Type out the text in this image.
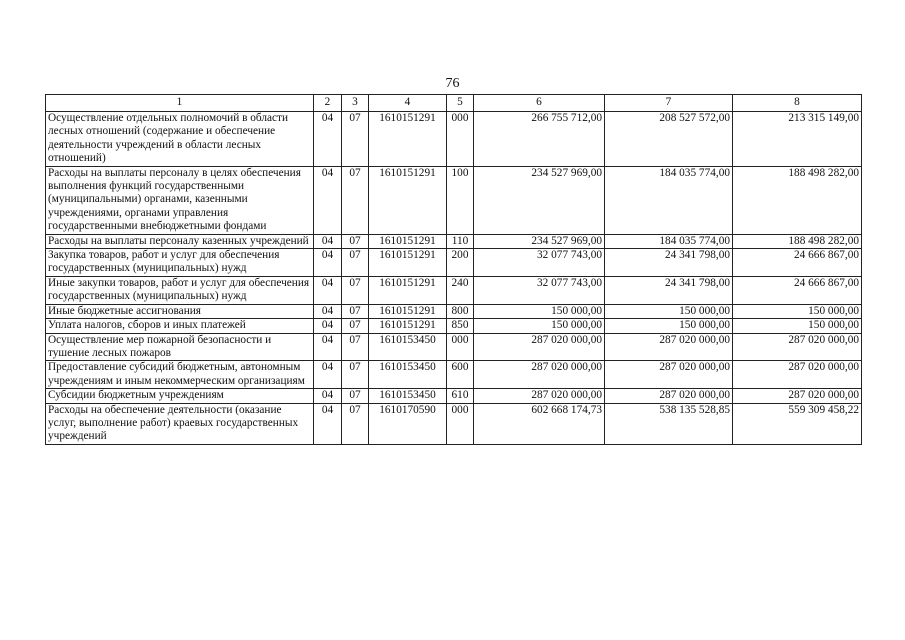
76
1	2	3	4	5	6	7	8
Осуществление отдельных полномочий в области лесных отношений (содержание и обеспечение деятельности учреждений в области лесных отношений)	04	07	1610151291	000	266 755 712,00	208 527 572,00	213 315 149,00
Расходы на выплаты персоналу в целях обеспечения выполнения функций государственными (муниципальными) органами, казенными учреждениями, органами управления государственными внебюджетными фондами	04	07	1610151291	100	234 527 969,00	184 035 774,00	188 498 282,00
Расходы на выплаты персоналу казенных учреждений	04	07	1610151291	110	234 527 969,00	184 035 774,00	188 498 282,00
Закупка товаров, работ и услуг для обеспечения государственных (муниципальных) нужд	04	07	1610151291	200	32 077 743,00	24 341 798,00	24 666 867,00
Иные закупки товаров, работ и услуг для обеспечения государственных (муниципальных) нужд	04	07	1610151291	240	32 077 743,00	24 341 798,00	24 666 867,00
Иные бюджетные ассигнования	04	07	1610151291	800	150 000,00	150 000,00	150 000,00
Уплата налогов, сборов и иных платежей	04	07	1610151291	850	150 000,00	150 000,00	150 000,00
Осуществление мер пожарной безопасности и тушение лесных пожаров	04	07	1610153450	000	287 020 000,00	287 020 000,00	287 020 000,00
Предоставление субсидий бюджетным, автономным учреждениям и иным некоммерческим организациям	04	07	1610153450	600	287 020 000,00	287 020 000,00	287 020 000,00
Субсидии бюджетным учреждениям	04	07	1610153450	610	287 020 000,00	287 020 000,00	287 020 000,00
Расходы на обеспечение деятельности (оказание услуг, выполнение работ) краевых государственных учреждений	04	07	1610170590	000	602 668 174,73	538 135 528,85	559 309 458,22
